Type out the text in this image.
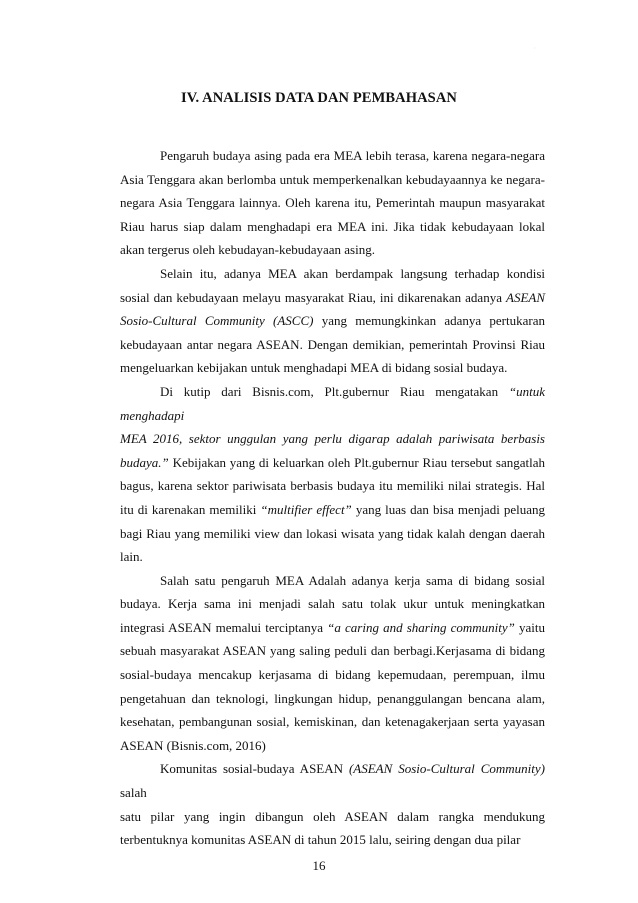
·
IV. ANALISIS DATA DAN PEMBAHASAN

Pengaruh budaya asing pada era MEA lebih terasa, karena negara-negara Asia Tenggara akan berlomba untuk memperkenalkan kebudayaannya ke negara-negara Asia Tenggara lainnya. Oleh karena itu, Pemerintah maupun masyarakat Riau harus siap dalam menghadapi era MEA ini. Jika tidak kebudayaan lokal akan tergerus oleh kebudayan-kebudayaan asing.

Selain itu, adanya MEA akan berdampak langsung terhadap kondisi sosial dan kebudayaan melayu masyarakat Riau, ini dikarenakan adanya ASEAN Sosio-Cultural Community (ASCC) yang memungkinkan adanya pertukaran kebudayaan antar negara ASEAN. Dengan demikian, pemerintah Provinsi Riau mengeluarkan kebijakan untuk menghadapi MEA di bidang sosial budaya.

Di kutip dari Bisnis.com, Plt.gubernur Riau mengatakan “untuk menghadapi

MEA 2016, sektor unggulan yang perlu digarap adalah pariwisata berbasis budaya.” Kebijakan yang di keluarkan oleh Plt.gubernur Riau tersebut sangatlah bagus, karena sektor pariwisata berbasis budaya itu memiliki nilai strategis. Hal itu di karenakan memiliki “multifier effect” yang luas dan bisa menjadi peluang bagi Riau yang memiliki view dan lokasi wisata yang tidak kalah dengan daerah lain.

Salah satu pengaruh MEA Adalah adanya kerja sama di bidang sosial budaya. Kerja sama ini menjadi salah satu tolak ukur untuk meningkatkan integrasi ASEAN memalui terciptanya “a caring and sharing community” yaitu sebuah masyarakat ASEAN yang saling peduli dan berbagi.Kerjasama di bidang sosial-budaya mencakup kerjasama di bidang kepemudaan, perempuan, ilmu pengetahuan dan teknologi, lingkungan hidup, penanggulangan bencana alam, kesehatan, pembangunan sosial, kemiskinan, dan ketenagakerjaan serta yayasan ASEAN (Bisnis.com, 2016)

Komunitas sosial-budaya ASEAN (ASEAN Sosio-Cultural Community) salah

satu pilar yang ingin dibangun oleh ASEAN dalam rangka mendukung terbentuknya komunitas ASEAN di tahun 2015 lalu, seiring dengan dua pilar

16
